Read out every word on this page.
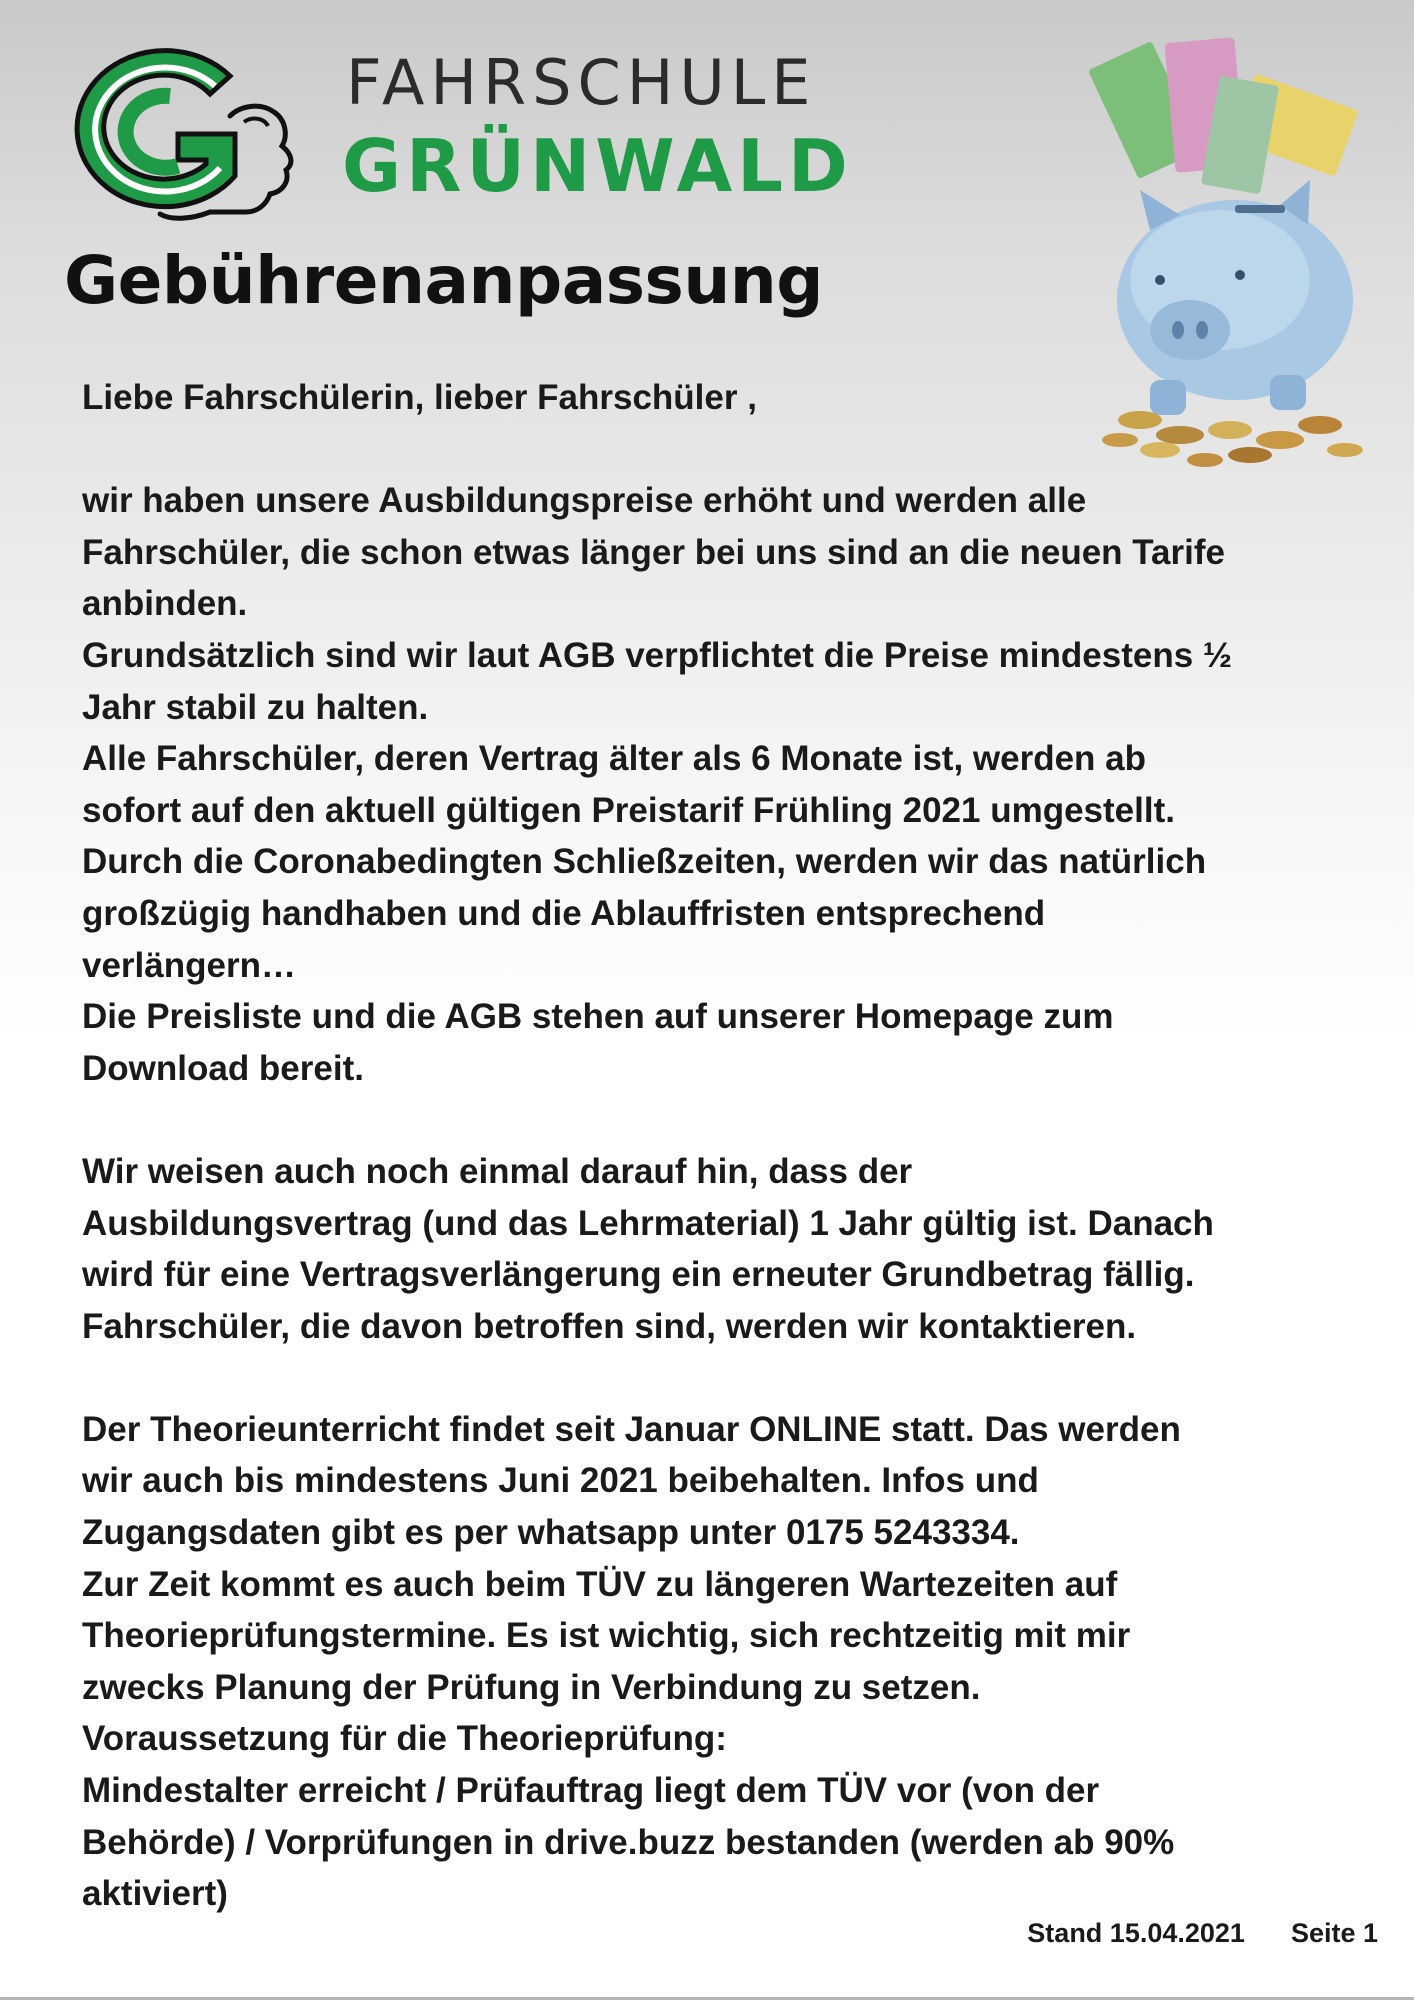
FAHRSCHULE
GRÜNWALD
Gebührenanpassung

Liebe Fahrschülerin, lieber Fahrschüler ,

wir haben unsere Ausbildungspreise erhöht und werden alle

Fahrschüler, die schon etwas länger bei uns sind an die neuen Tarife

anbinden.

Grundsätzlich sind wir laut AGB verpflichtet die Preise mindestens ½

Jahr stabil zu halten.

Alle Fahrschüler, deren Vertrag älter als 6 Monate ist, werden ab

sofort auf den aktuell gültigen Preistarif Frühling 2021 umgestellt.

Durch die Coronabedingten Schließzeiten, werden wir das natürlich

großzügig handhaben und die Ablauffristen entsprechend

verlängern…

Die Preisliste und die AGB stehen auf unserer Homepage zum

Download bereit.

Wir weisen auch noch einmal darauf hin, dass der

Ausbildungsvertrag (und das Lehrmaterial) 1 Jahr gültig ist. Danach

wird für eine Vertragsverlängerung ein erneuter Grundbetrag fällig.

Fahrschüler, die davon betroffen sind, werden wir kontaktieren.

Der Theorieunterricht findet seit Januar ONLINE statt. Das werden

wir auch bis mindestens Juni 2021 beibehalten. Infos und

Zugangsdaten gibt es per whatsapp unter 0175 5243334.

Zur Zeit kommt es auch beim TÜV zu längeren Wartezeiten auf

Theorieprüfungstermine. Es ist wichtig, sich rechtzeitig mit mir

zwecks Planung der Prüfung in Verbindung zu setzen.

Voraussetzung für die Theorieprüfung:

Mindestalter erreicht / Prüfauftrag liegt dem TÜV vor (von der

Behörde) / Vorprüfungen in drive.buzz bestanden (werden ab 90%

aktiviert)

Stand 15.04.2021 Seite 1
